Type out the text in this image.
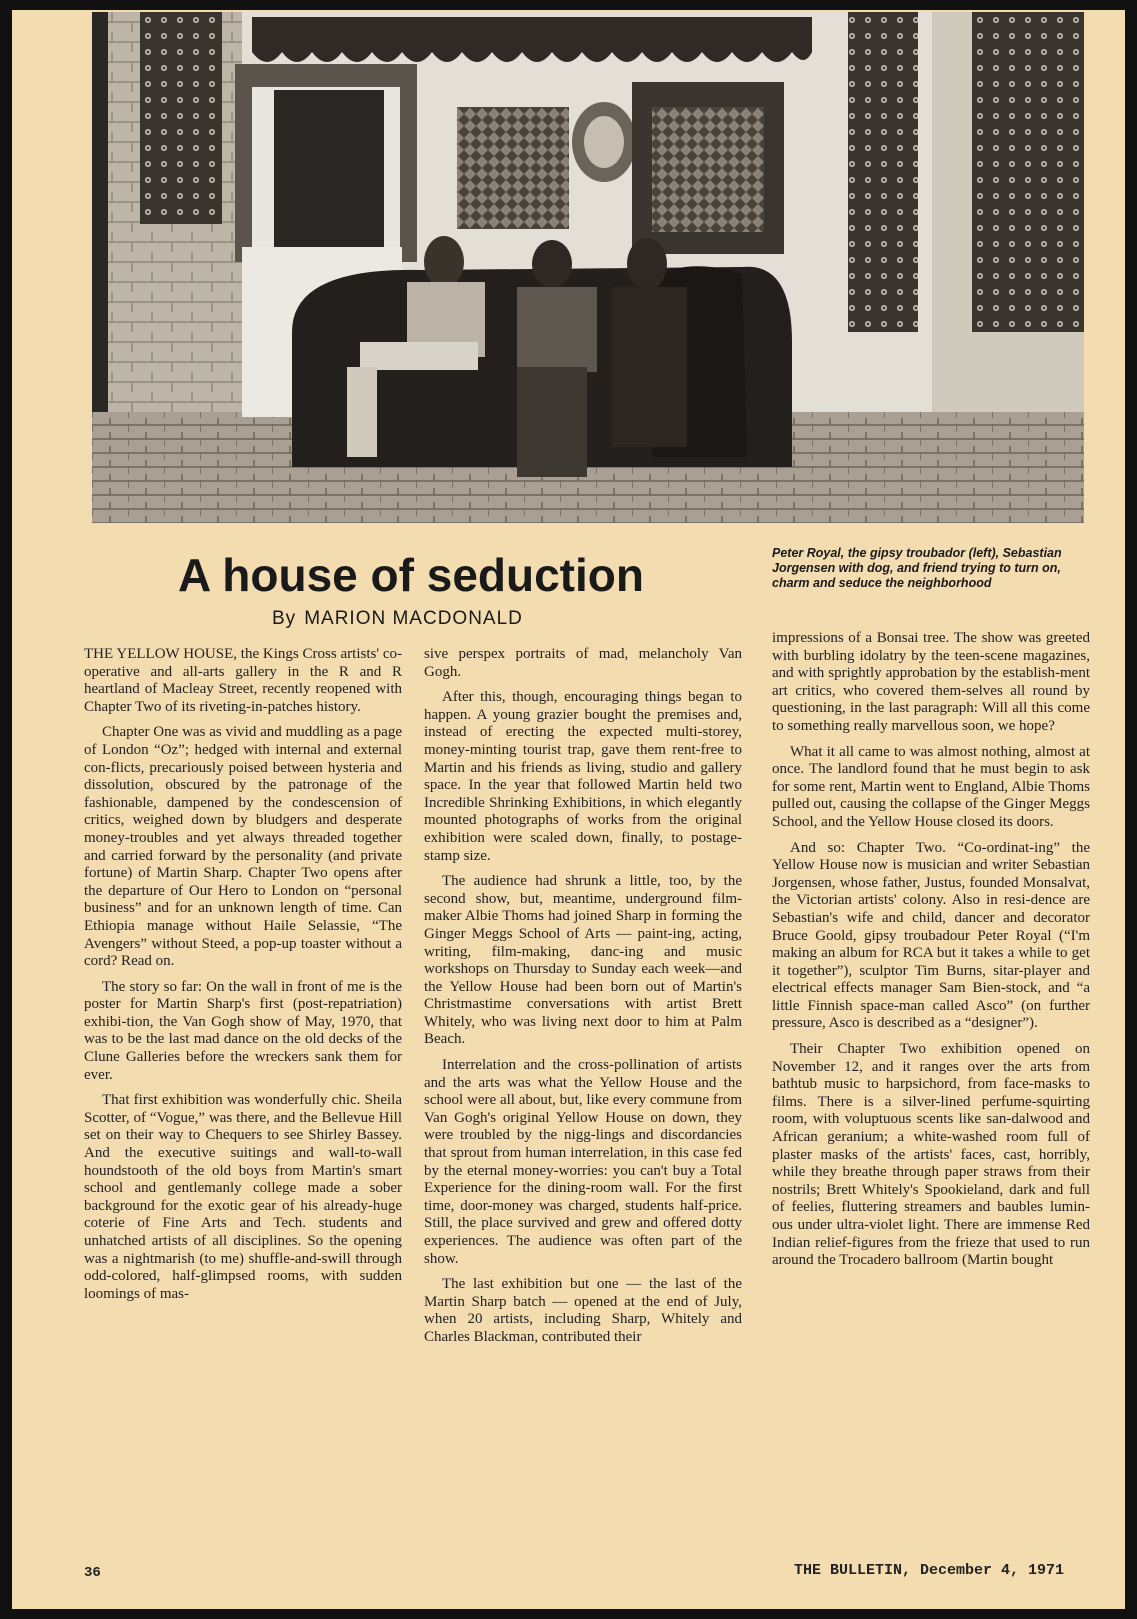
A house of seduction
By MARION MACDONALD
Peter Royal, the gipsy troubador (left), Sebastian Jorgensen with dog, and friend trying to turn on, charm and seduce the neighborhood

THE YELLOW HOUSE, the Kings Cross artists' co-operative and all-arts gallery in the R and R heartland of Macleay Street, recently reopened with Chapter Two of its riveting-in-patches history.

Chapter One was as vivid and muddling as a page of London “Oz”; hedged with internal and external con-flicts, precariously poised between hysteria and dissolution, obscured by the patronage of the fashionable, dampened by the condescension of critics, weighed down by bludgers and desperate money-troubles and yet always threaded together and carried forward by the personality (and private fortune) of Martin Sharp. Chapter Two opens after the departure of Our Hero to London on “personal business” and for an unknown length of time. Can Ethiopia manage without Haile Selassie, “The Avengers” without Steed, a pop-up toaster without a cord? Read on.

The story so far: On the wall in front of me is the poster for Martin Sharp's first (post-repatriation) exhibi-tion, the Van Gogh show of May, 1970, that was to be the last mad dance on the old decks of the Clune Galleries before the wreckers sank them for ever.

That first exhibition was wonderfully chic. Sheila Scotter, of “Vogue,” was there, and the Bellevue Hill set on their way to Chequers to see Shirley Bassey. And the executive suitings and wall-to-wall houndstooth of the old boys from Martin's smart school and gentlemanly college made a sober background for the exotic gear of his already-huge coterie of Fine Arts and Tech. students and unhatched artists of all disciplines. So the opening was a nightmarish (to me) shuffle-and-swill through odd-colored, half-glimpsed rooms, with sudden loomings of mas-

sive perspex portraits of mad, melancholy Van Gogh.

After this, though, encouraging things began to happen. A young grazier bought the premises and, instead of erecting the expected multi-storey, money-minting tourist trap, gave them rent-free to Martin and his friends as living, studio and gallery space. In the year that followed Martin held two Incredible Shrinking Exhibitions, in which elegantly mounted photographs of works from the original exhibition were scaled down, finally, to postage-stamp size.

The audience had shrunk a little, too, by the second show, but, meantime, underground film-maker Albie Thoms had joined Sharp in forming the Ginger Meggs School of Arts — paint-ing, acting, writing, film-making, danc-ing and music workshops on Thursday to Sunday each week—and the Yellow House had been born out of Martin's Christmastime conversations with artist Brett Whitely, who was living next door to him at Palm Beach.

Interrelation and the cross-pollination of artists and the arts was what the Yellow House and the school were all about, but, like every commune from Van Gogh's original Yellow House on down, they were troubled by the nigg-lings and discordancies that sprout from human interrelation, in this case fed by the eternal money-worries: you can't buy a Total Experience for the dining-room wall. For the first time, door-money was charged, students half-price. Still, the place survived and grew and offered dotty experiences. The audience was often part of the show.

The last exhibition but one — the last of the Martin Sharp batch — opened at the end of July, when 20 artists, including Sharp, Whitely and Charles Blackman, contributed their

impressions of a Bonsai tree. The show was greeted with burbling idolatry by the teen-scene magazines, and with sprightly approbation by the establish-ment art critics, who covered them-selves all round by questioning, in the last paragraph: Will all this come to something really marvellous soon, we hope?

What it all came to was almost nothing, almost at once. The landlord found that he must begin to ask for some rent, Martin went to England, Albie Thoms pulled out, causing the collapse of the Ginger Meggs School, and the Yellow House closed its doors.

And so: Chapter Two. “Co-ordinat-ing” the Yellow House now is musician and writer Sebastian Jorgensen, whose father, Justus, founded Monsalvat, the Victorian artists' colony. Also in resi-dence are Sebastian's wife and child, dancer and decorator Bruce Goold, gipsy troubadour Peter Royal (“I'm making an album for RCA but it takes a while to get it together”), sculptor Tim Burns, sitar-player and electrical effects manager Sam Bien-stock, and “a little Finnish space-man called Asco” (on further pressure, Asco is described as a “designer”).

Their Chapter Two exhibition opened on November 12, and it ranges over the arts from bathtub music to harpsichord, from face-masks to films. There is a silver-lined perfume-squirting room, with voluptuous scents like san-dalwood and African geranium; a white-washed room full of plaster masks of the artists' faces, cast, horribly, while they breathe through paper straws from their nostrils; Brett Whitely's Spookieland, dark and full of feelies, fluttering streamers and baubles lumin-ous under ultra-violet light. There are immense Red Indian relief-figures from the frieze that used to run around the Trocadero ballroom (Martin bought

36	THE BULLETIN, December 4, 1971
